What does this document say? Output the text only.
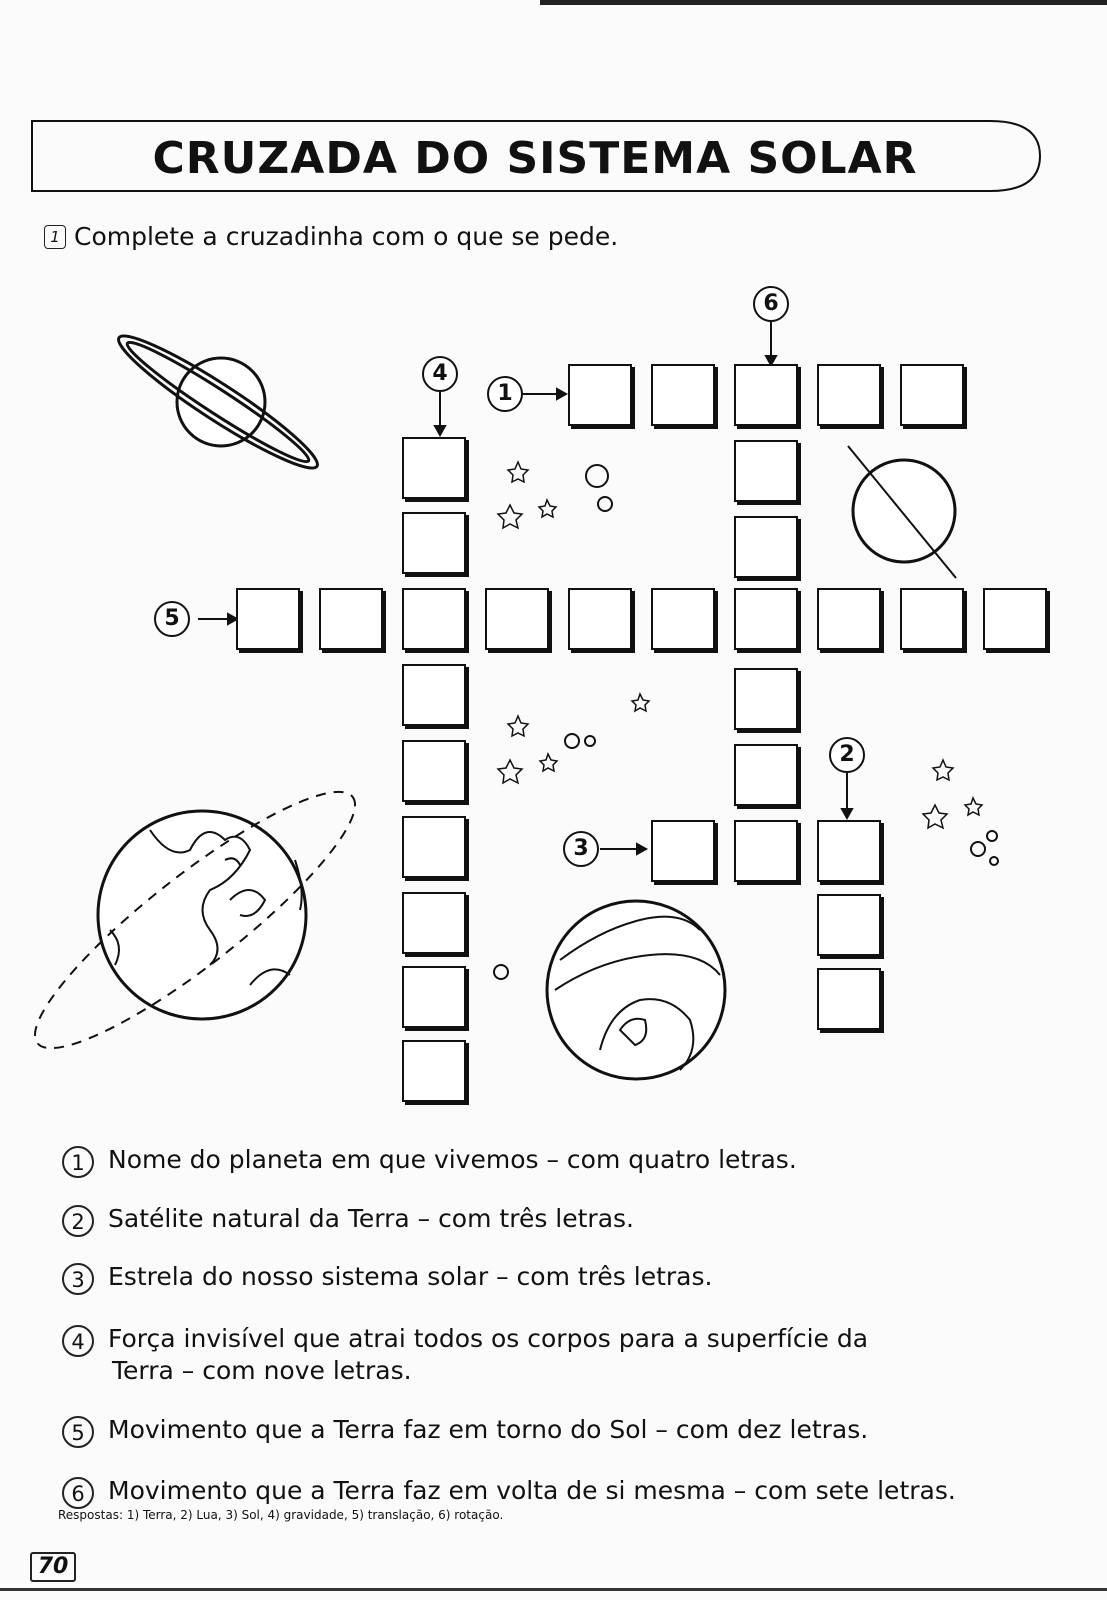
CRUZADA DO SISTEMA SOLAR
1 Complete a cruzadinha com o que se pede.
1
2
3
4
5
6
1 Nome do planeta em que vivemos – com quatro letras.
2 Satélite natural da Terra – com três letras.
3 Estrela do nosso sistema solar – com três letras.
4 Força invisível que atrai todos os corpos para a superfície da
Terra – com nove letras.
5 Movimento que a Terra faz em torno do Sol – com dez letras.
6 Movimento que a Terra faz em volta de si mesma – com sete letras.
Respostas: 1) Terra, 2) Lua, 3) Sol, 4) gravidade, 5) translação, 6) rotação.
70
